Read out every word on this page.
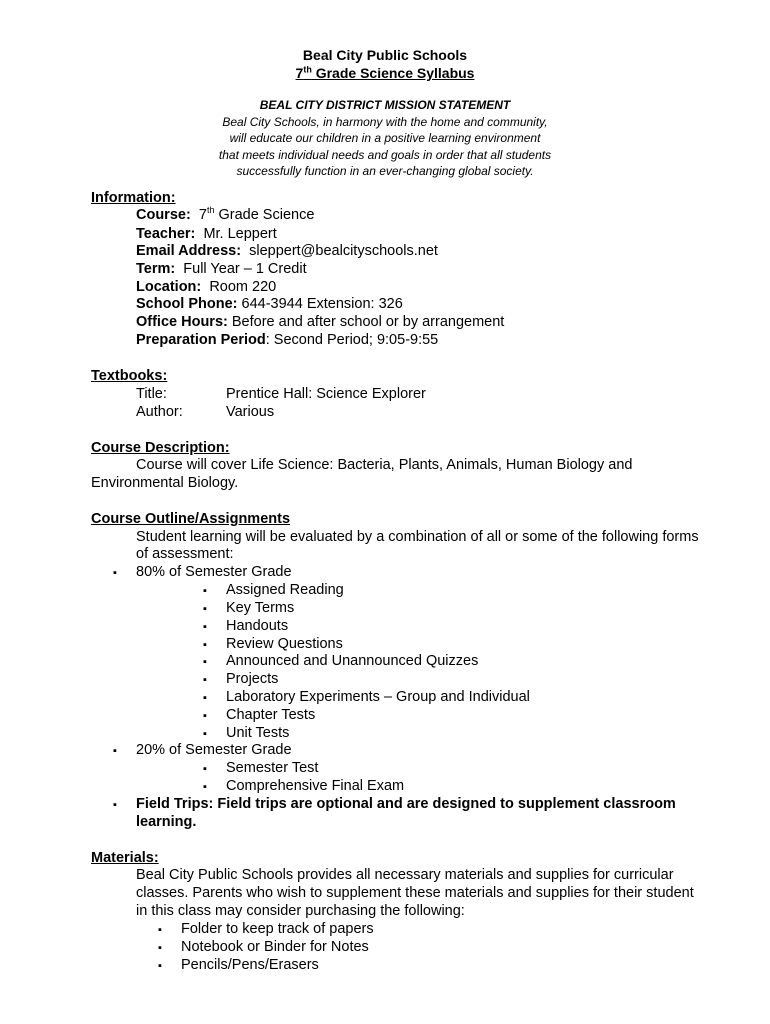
Beal City Public Schools
7th Grade Science Syllabus
BEAL CITY DISTRICT MISSION STATEMENT
Beal City Schools, in harmony with the home and community,
will educate our children in a positive learning environment
that meets individual needs and goals in order that all students
successfully function in an ever-changing global society.
Information:
Course: 7th Grade Science
Teacher: Mr. Leppert
Email Address: sleppert@bealcityschools.net
Term: Full Year – 1 Credit
Location: Room 220
School Phone: 644-3944 Extension: 326
Office Hours: Before and after school or by arrangement
Preparation Period: Second Period; 9:05-9:55
Textbooks:
Title:	Prentice Hall: Science Explorer
Author:	Various
Course Description:
Course will cover Life Science: Bacteria, Plants, Animals, Human Biology and
Environmental Biology.
Course Outline/Assignments
Student learning will be evaluated by a combination of all or some of the following forms
of assessment:
▪ 80% of Semester Grade
▪ Assigned Reading
▪ Key Terms
▪ Handouts
▪ Review Questions
▪ Announced and Unannounced Quizzes
▪ Projects
▪ Laboratory Experiments – Group and Individual
▪ Chapter Tests
▪ Unit Tests
▪ 20% of Semester Grade
▪ Semester Test
▪ Comprehensive Final Exam
▪ Field Trips: Field trips are optional and are designed to supplement classroom
learning.
Materials:
Beal City Public Schools provides all necessary materials and supplies for curricular
classes. Parents who wish to supplement these materials and supplies for their student
in this class may consider purchasing the following:
▪ Folder to keep track of papers
▪ Notebook or Binder for Notes
▪ Pencils/Pens/Erasers
